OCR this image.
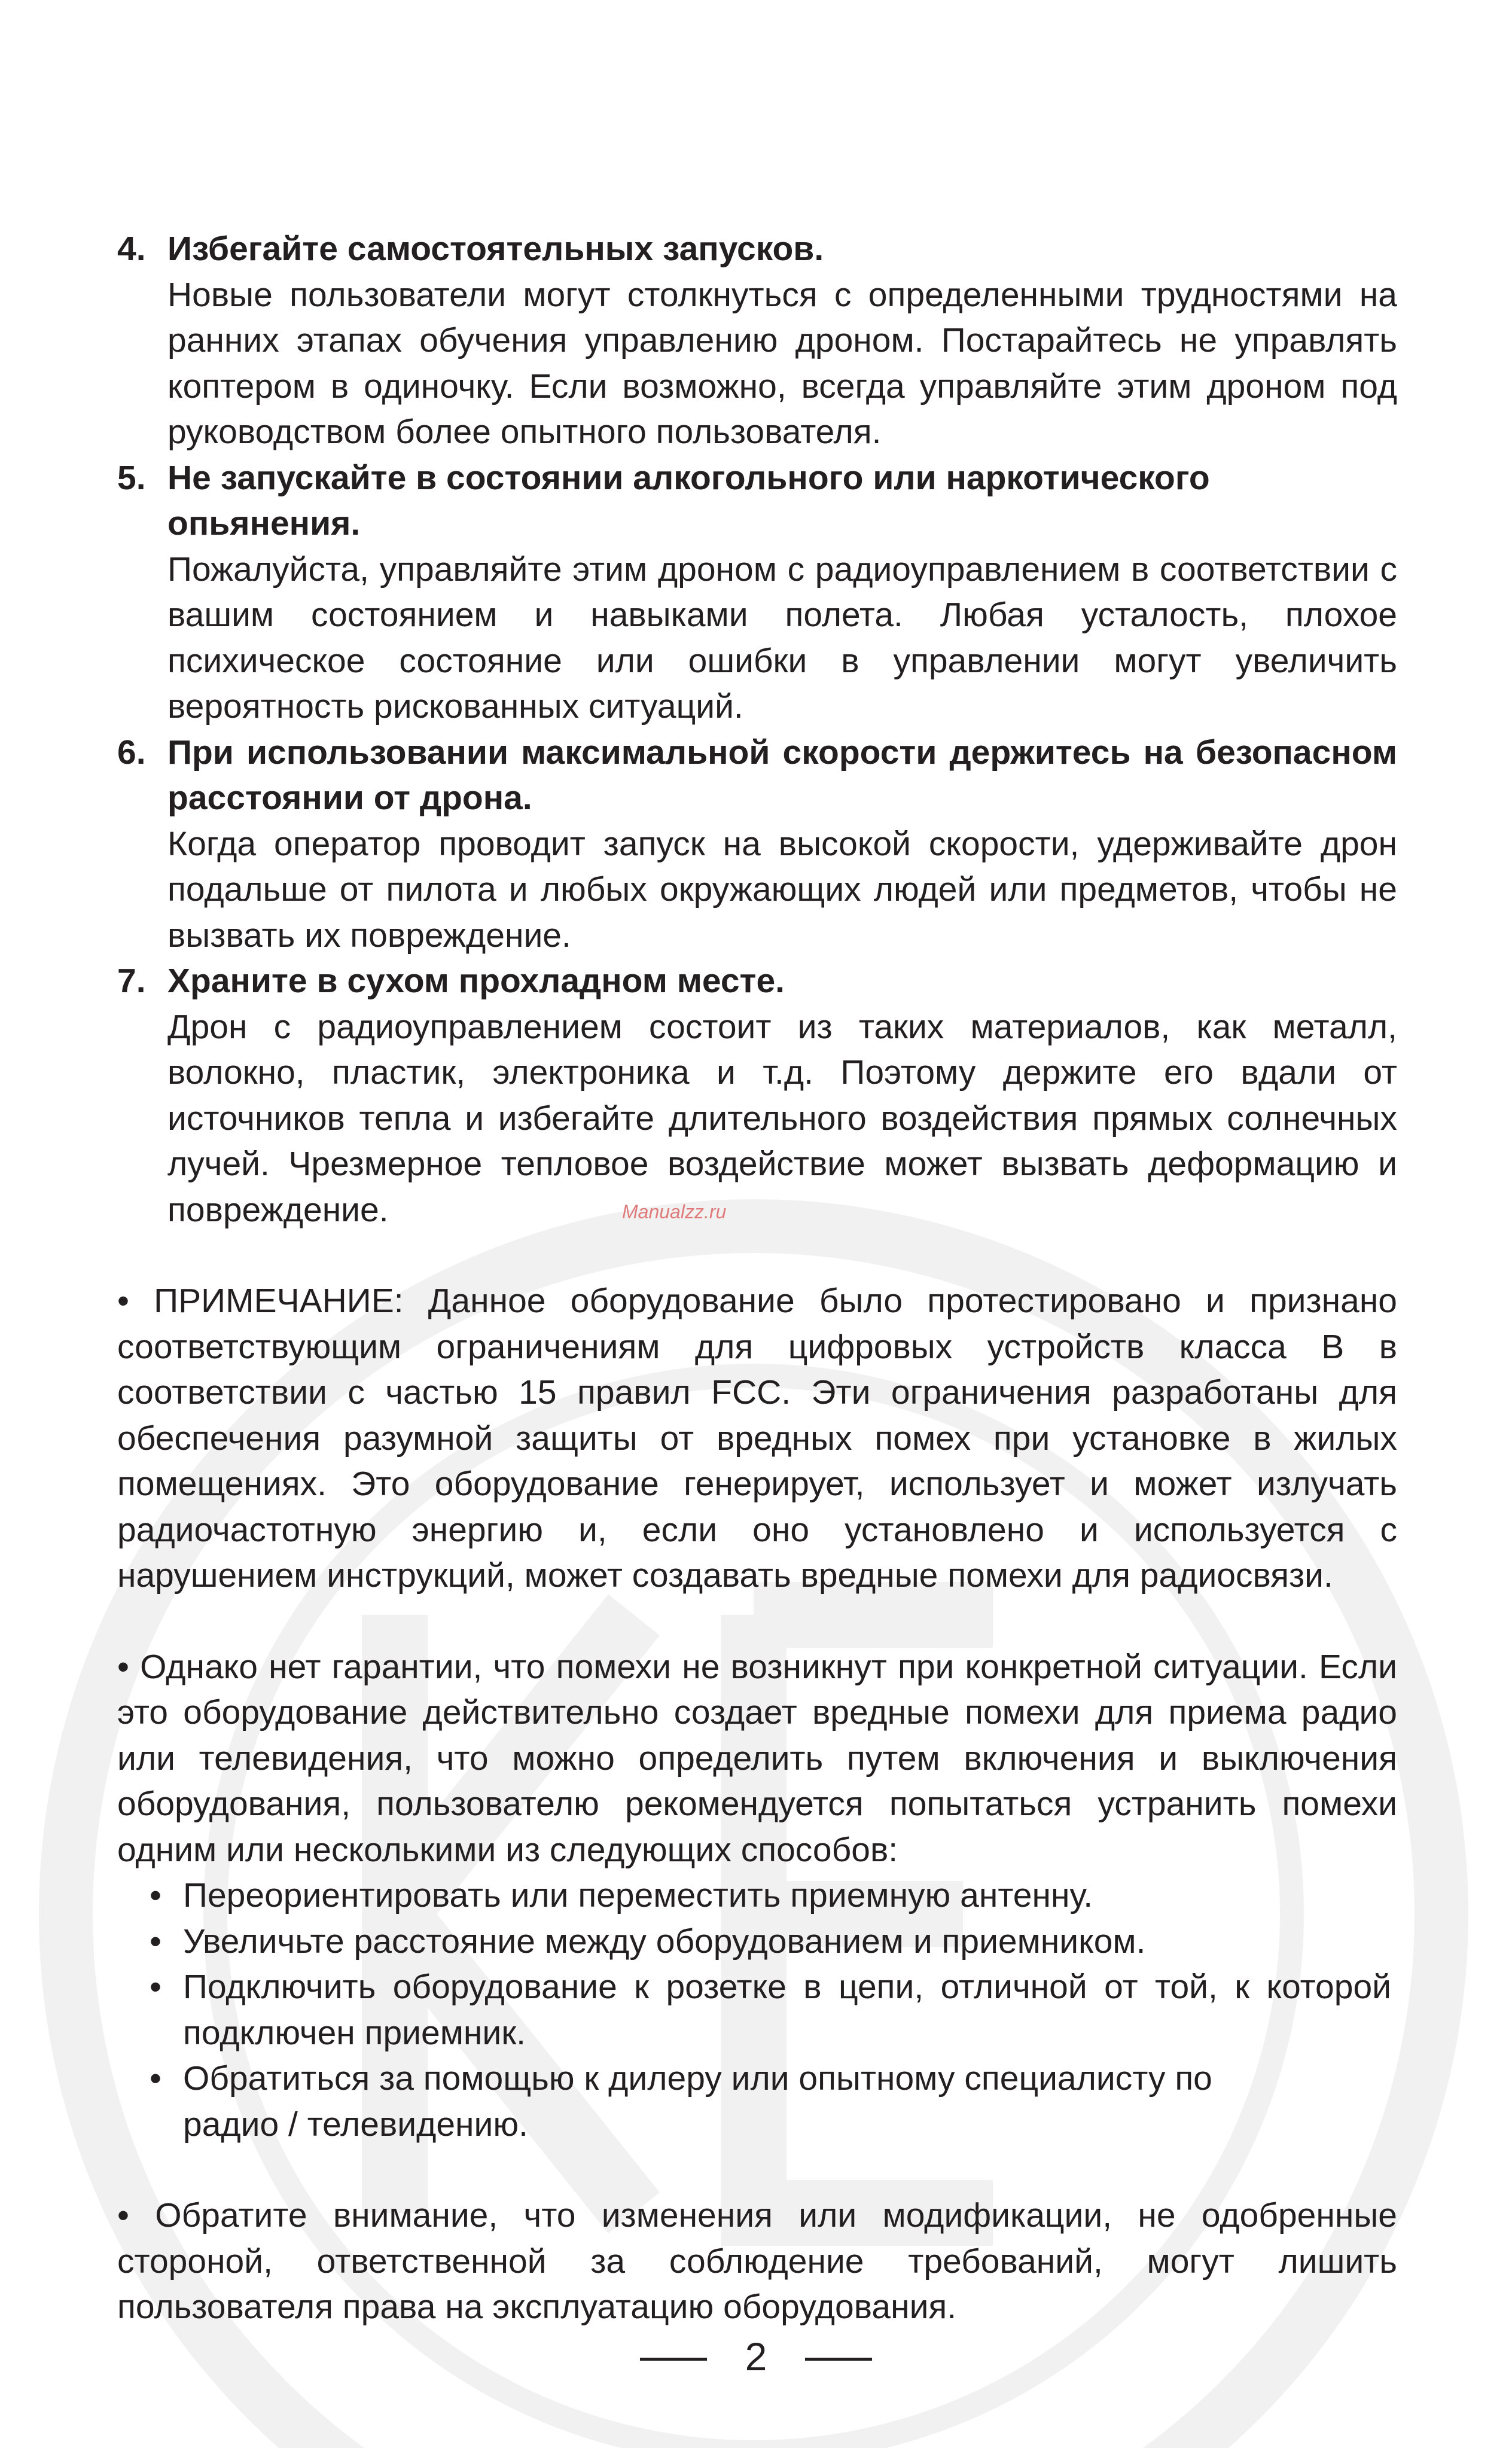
4. Избегайте самостоятельных запусков.
Новые пользователи могут столкнуться с определенными трудностями на ранних этапах обучения управлению дроном. Постарайтесь не управлять коптером в одиночку. Если возможно, всегда управляйте этим дроном под руководством более опытного пользователя.
5. Не запускайте в состоянии алкогольного или наркотического опьянения.
Пожалуйста, управляйте этим дроном с радиоуправлением в соответствии с вашим состоянием и навыками полета. Любая усталость, плохое психическое состояние или ошибки в управлении могут увеличить вероятность рискованных ситуаций.
6. При использовании максимальной скорости держитесь на безопасном расстоянии от дрона.
Когда оператор проводит запуск на высокой скорости, удерживайте дрон подальше от пилота и любых окружающих людей или предметов, чтобы не вызвать их повреждение.
7. Храните в сухом прохладном месте.
Дрон с радиоуправлением состоит из таких материалов, как металл, волокно, пластик, электроника и т.д. Поэтому держите его вдали от источников тепла и избегайте длительного воздействия прямых солнечных лучей. Чрезмерное тепловое воздействие может вызвать деформацию и повреждение.
• ПРИМЕЧАНИЕ: Данное оборудование было протестировано и признано соответствующим ограничениям для цифровых устройств класса B в соответствии с частью 15 правил FCC. Эти ограничения разработаны для обеспечения разумной защиты от вредных помех при установке в жилых помещениях. Это оборудование генерирует, использует и может излучать радиочастотную энергию и, если оно установлено и используется с нарушением инструкций, может создавать вредные помехи для радиосвязи.
• Однако нет гарантии, что помехи не возникнут при конкретной ситуации. Если это оборудование действительно создает вредные помехи для приема радио или телевидения, что можно определить путем включения и выключения оборудования, пользователю рекомендуется попытаться устранить помехи одним или несколькими из следующих способов:
• Переориентировать или переместить приемную антенну.
• Увеличьте расстояние между оборудованием и приемником.
• Подключить оборудование к розетке в цепи, отличной от той, к которой подключен приемник.
• Обратиться за помощью к дилеру или опытному специалисту по радио / телевидению.
• Обратите внимание, что изменения или модификации, не одобренные стороной, ответственной за соблюдение требований, могут лишить пользователя права на эксплуатацию оборудования.
Manualzz.ru
2
